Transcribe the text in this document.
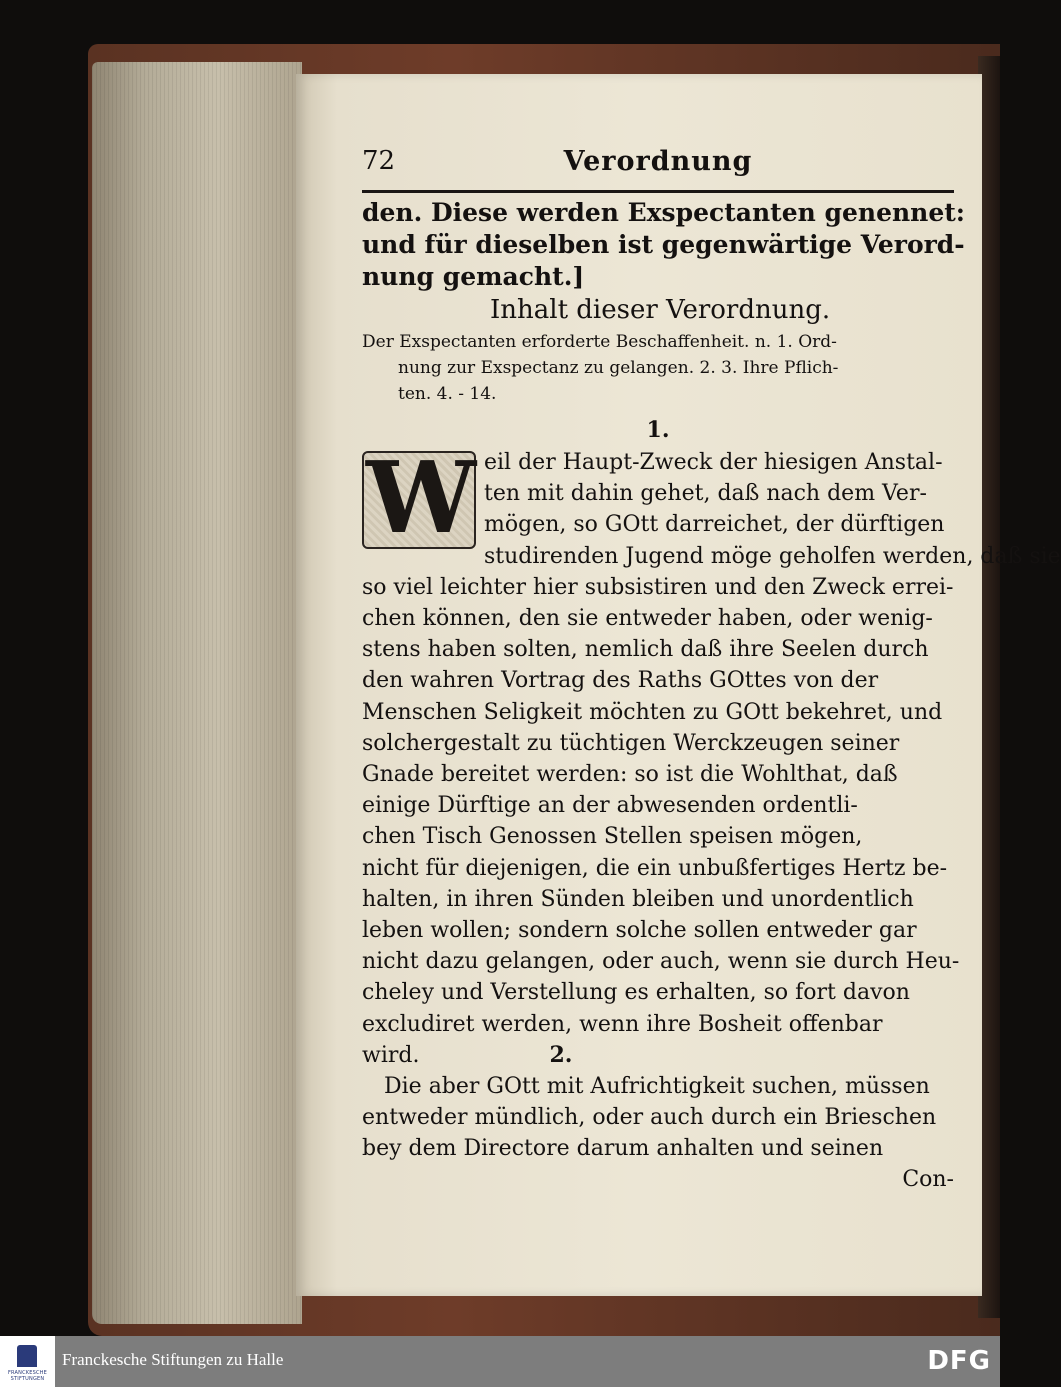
72	Verordnung

den. Diese werden Exspectanten genennet:
und für dieselben ist gegenwärtige Verord-
nung gemacht.]

Inhalt dieser Verordnung.

Der Exspectanten erforderte Beschaffenheit. n. 1. Ord-
nung zur Exspectanz zu gelangen. 2. 3. Ihre Pflich-
ten. 4. - 14.

1.
W eil der Haupt-Zweck der hiesigen Anstal-
ten mit dahin gehet, daß nach dem Ver-
mögen, so GOtt darreichet, der dürftigen
studirenden Jugend möge geholfen werden, daß sie
so viel leichter hier subsistiren und den Zweck errei-
chen können, den sie entweder haben, oder wenig-
stens haben solten, nemlich daß ihre Seelen durch
den wahren Vortrag des Raths GOttes von der
Menschen Seligkeit möchten zu GOtt bekehret, und
solchergestalt zu tüchtigen Werckzeugen seiner
Gnade bereitet werden: so ist die Wohlthat, daß
einige Dürftige an der abwesenden ordentli-
chen Tisch Genossen Stellen speisen mögen,
nicht für diejenigen, die ein unbußfertiges Hertz be-
halten, in ihren Sünden bleiben und unordentlich
leben wollen; sondern solche sollen entweder gar
nicht dazu gelangen, oder auch, wenn sie durch Heu-
cheley und Verstellung es erhalten, so fort davon
excludiret werden, wenn ihre Bosheit offenbar
wird.	2.

Die aber GOtt mit Aufrichtigkeit suchen, müssen
entweder mündlich, oder auch durch ein Brieschen
bey dem Directore darum anhalten und seinen

Con-

FRANCKESCHE STIFTUNGEN
Franckesche Stiftungen zu Halle	DFG
